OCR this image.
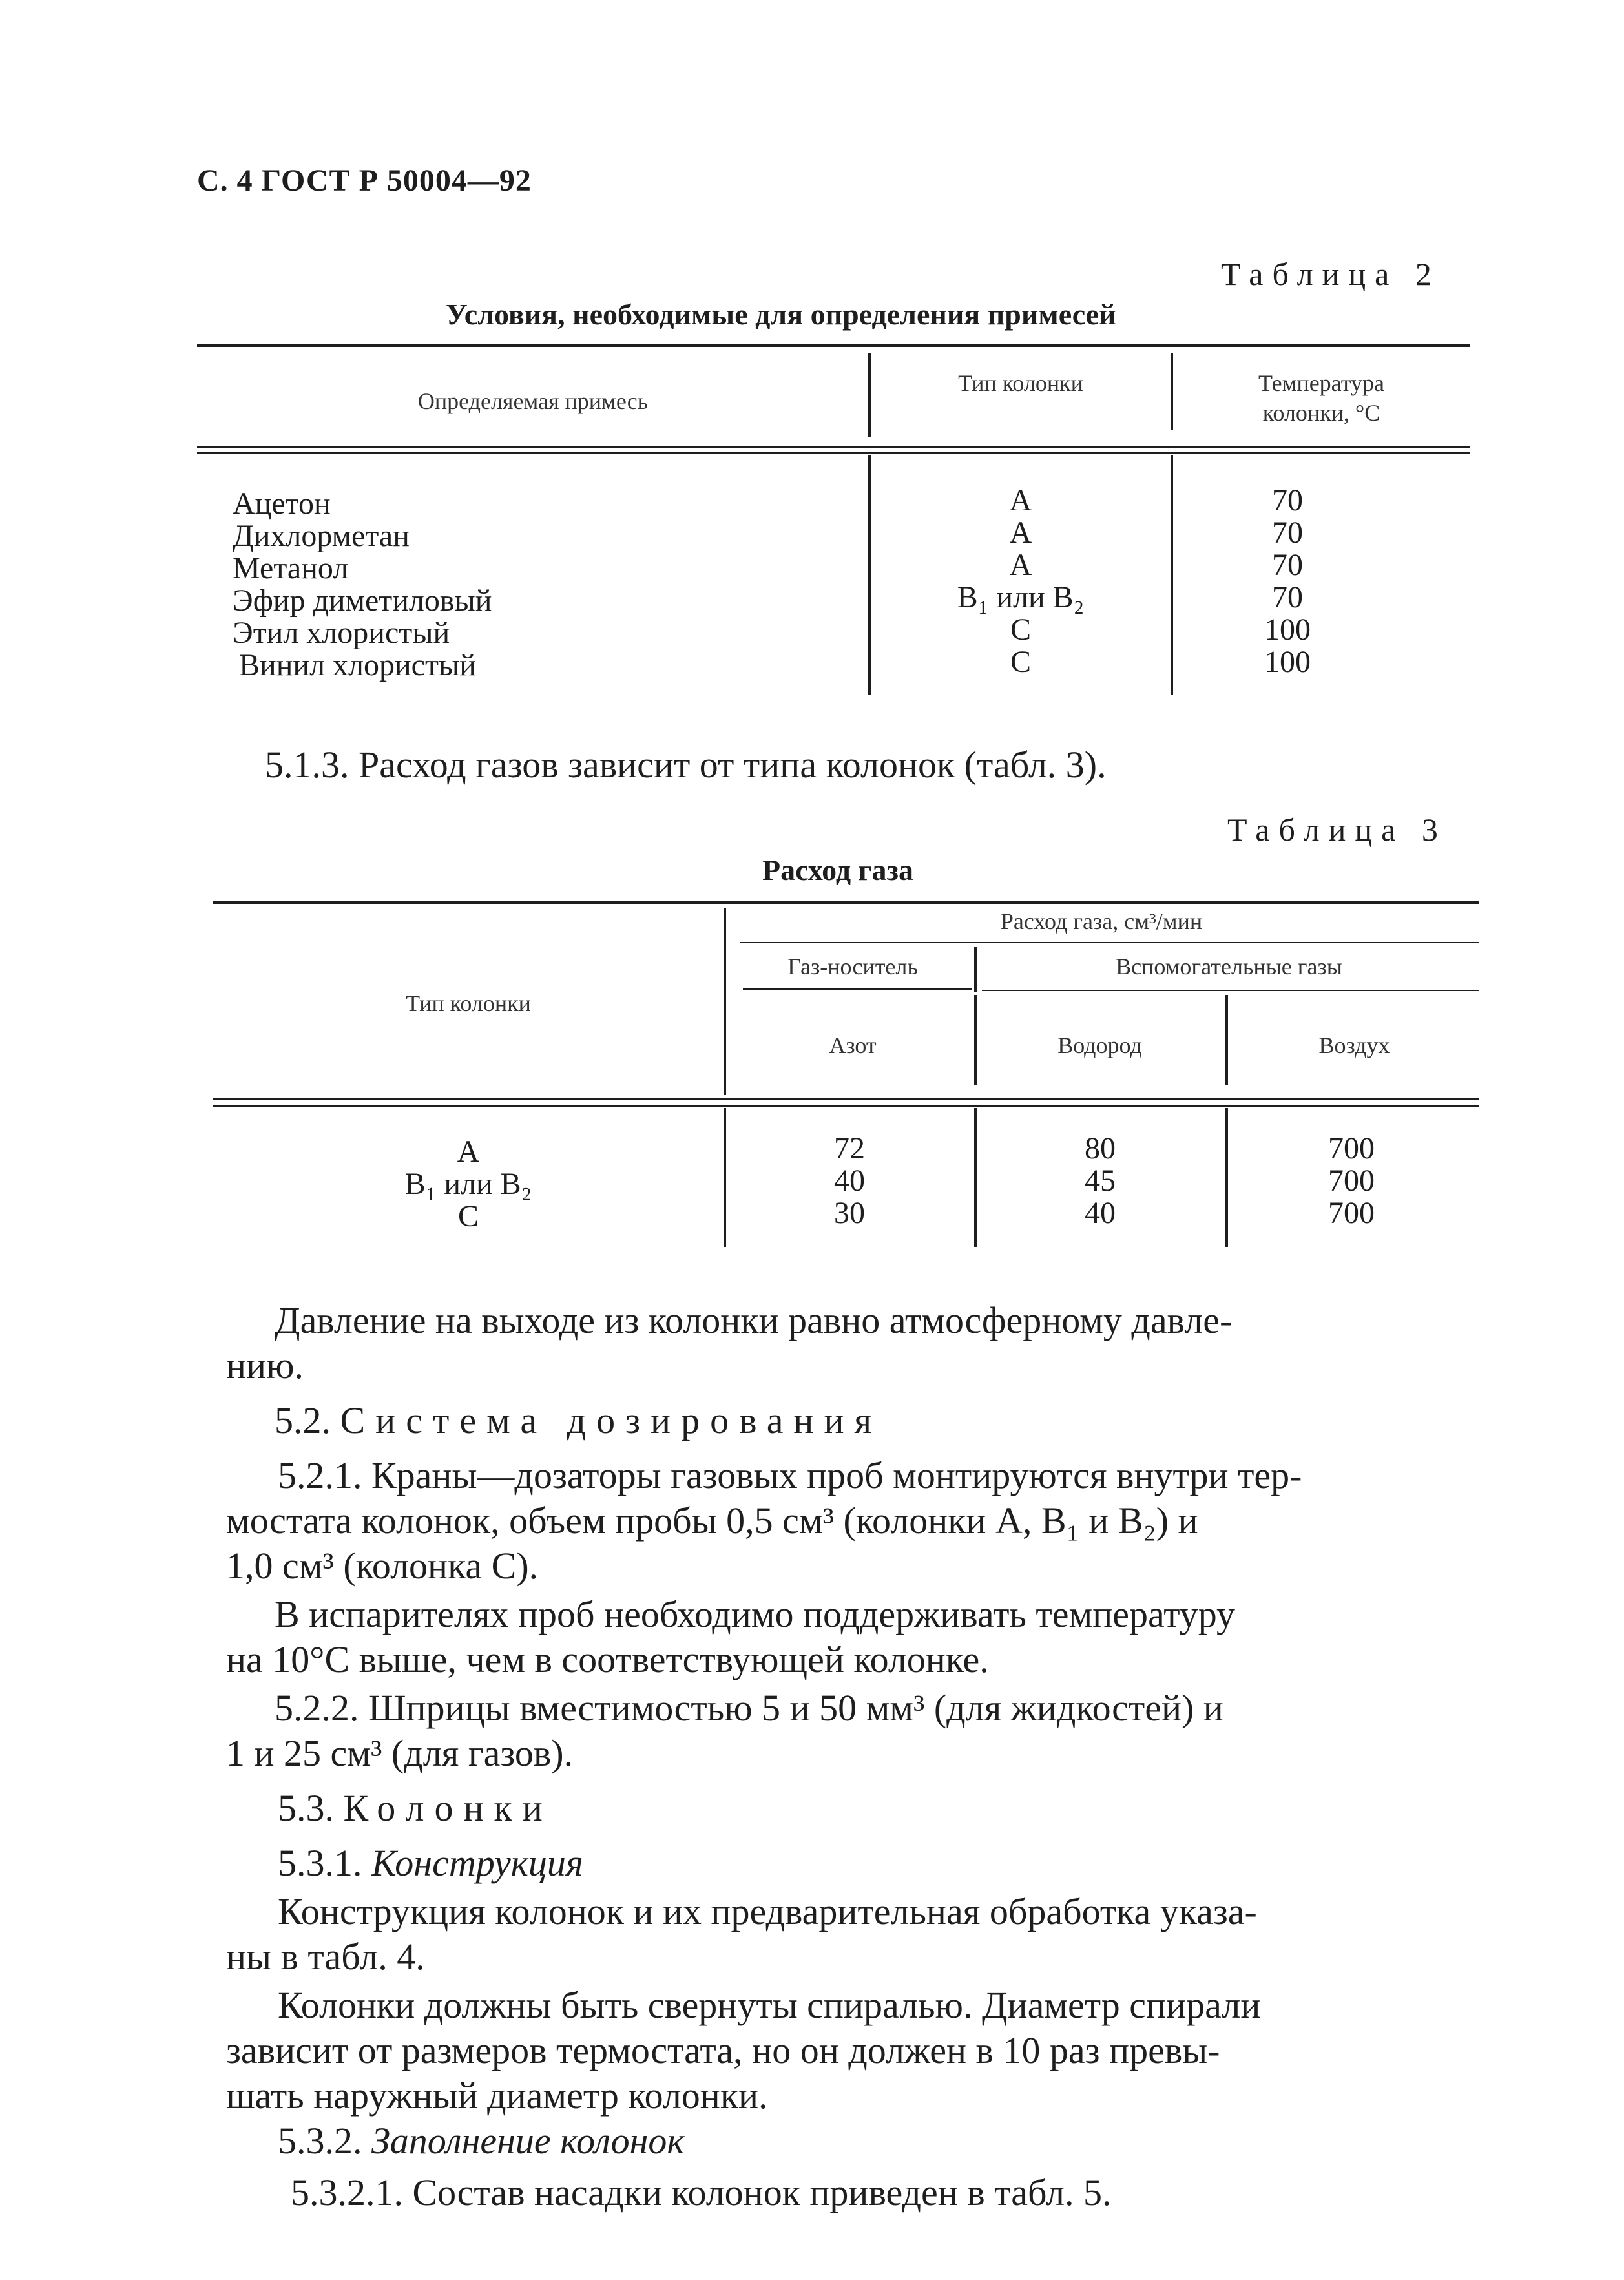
С. 4 ГОСТ Р 50004—92
Таблица 2
Условия, необходимые для определения примесей
Определяемая примесь
Тип колонки	Температура колонки, °С
Ацетон	A	70
Дихлорметан	A	70
Метанол	A	70
Эфир диметиловый	B₁ или B₂	70
Этил хлористый	C	100
Винил хлористый	C	100
5.1.3. Расход газов зависит от типа колонок (табл. 3).
Таблица 3
Расход газа
Расход газа, см³/мин
Тип колонки
Газ-носитель	Вспомогательные газы
Азот	Водород	Воздух
A	72	80	700
B₁ или B₂	40	45	700
C	30	40	700
Давление на выходе из колонки равно атмосферному давле-
нию.
5.2. Система дозирования
5.2.1. Краны—дозаторы газовых проб монтируются внутри тер-
мостата колонок, объем пробы 0,5 см³ (колонки А, B₁ и B₂) и
1,0 см³ (колонка С).
В испарителях проб необходимо поддерживать температуру
на 10°С выше, чем в соответствующей колонке.
5.2.2. Шприцы вместимостью 5 и 50 мм³ (для жидкостей) и
1 и 25 см³ (для газов).
5.3. Колонки
5.3.1. Конструкция
Конструкция колонок и их предварительная обработка указа-
ны в табл. 4.
Колонки должны быть свернуты спиралью. Диаметр спирали
зависит от размеров термостата, но он должен в 10 раз превы-
шать наружный диаметр колонки.
5.3.2. Заполнение колонок
5.3.2.1. Состав насадки колонок приведен в табл. 5.
